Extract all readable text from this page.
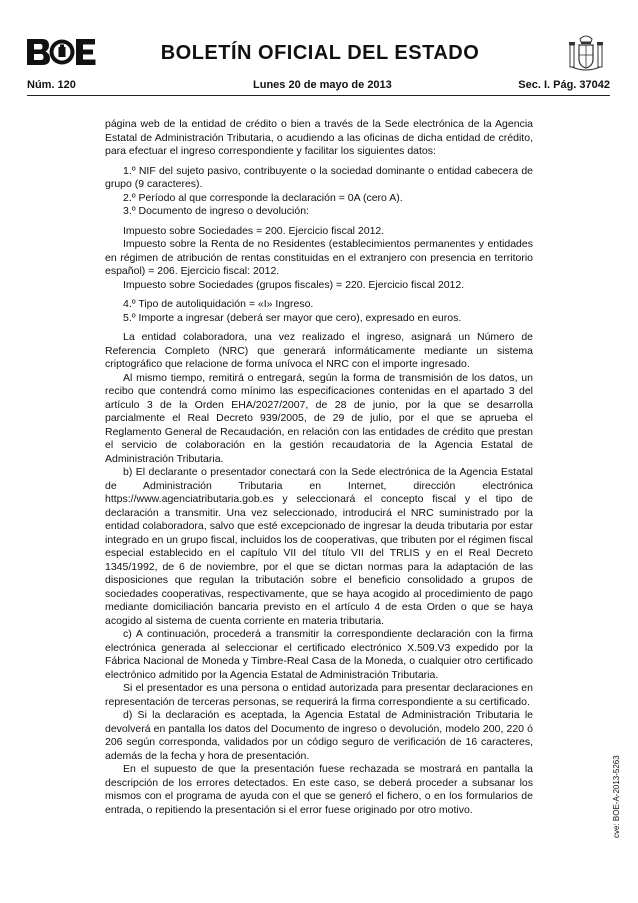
BOLETÍN OFICIAL DEL ESTADO
Núm. 120	Lunes 20 de mayo de 2013	Sec. I. Pág. 37042

página web de la entidad de crédito o bien a través de la Sede electrónica de la Agencia Estatal de Administración Tributaria, o acudiendo a las oficinas de dicha entidad de crédito, para efectuar el ingreso correspondiente y facilitar los siguientes datos:

1.º NIF del sujeto pasivo, contribuyente o la sociedad dominante o entidad cabecera de grupo (9 caracteres).

2.º Período al que corresponde la declaración = 0A (cero A).

3.º Documento de ingreso o devolución:

Impuesto sobre Sociedades = 200. Ejercicio fiscal 2012.

Impuesto sobre la Renta de no Residentes (establecimientos permanentes y entidades en régimen de atribución de rentas constituidas en el extranjero con presencia en territorio español) = 206. Ejercicio fiscal: 2012.

Impuesto sobre Sociedades (grupos fiscales) = 220. Ejercicio fiscal 2012.

4.º Tipo de autoliquidación = «I» Ingreso.

5.º Importe a ingresar (deberá ser mayor que cero), expresado en euros.

La entidad colaboradora, una vez realizado el ingreso, asignará un Número de Referencia Completo (NRC) que generará informáticamente mediante un sistema criptográfico que relacione de forma unívoca el NRC con el importe ingresado.

Al mismo tiempo, remitirá o entregará, según la forma de transmisión de los datos, un recibo que contendrá como mínimo las especificaciones contenidas en el apartado 3 del artículo 3 de la Orden EHA/2027/2007, de 28 de junio, por la que se desarrolla parcialmente el Real Decreto 939/2005, de 29 de julio, por el que se aprueba el Reglamento General de Recaudación, en relación con las entidades de crédito que prestan el servicio de colaboración en la gestión recaudatoria de la Agencia Estatal de Administración Tributaria.

b) El declarante o presentador conectará con la Sede electrónica de la Agencia Estatal de Administración Tributaria en Internet, dirección electrónica https://www.agenciatributaria.gob.es y seleccionará el concepto fiscal y el tipo de declaración a transmitir. Una vez seleccionado, introducirá el NRC suministrado por la entidad colaboradora, salvo que esté excepcionado de ingresar la deuda tributaria por estar integrado en un grupo fiscal, incluidos los de cooperativas, que tributen por el régimen fiscal especial establecido en el capítulo VII del título VII del TRLIS y en el Real Decreto 1345/1992, de 6 de noviembre, por el que se dictan normas para la adaptación de las disposiciones que regulan la tributación sobre el beneficio consolidado a grupos de sociedades cooperativas, respectivamente, que se haya acogido al procedimiento de pago mediante domiciliación bancaria previsto en el artículo 4 de esta Orden o que se haya acogido al sistema de cuenta corriente en materia tributaria.

c) A continuación, procederá a transmitir la correspondiente declaración con la firma electrónica generada al seleccionar el certificado electrónico X.509.V3 expedido por la Fábrica Nacional de Moneda y Timbre-Real Casa de la Moneda, o cualquier otro certificado electrónico admitido por la Agencia Estatal de Administración Tributaria.

Si el presentador es una persona o entidad autorizada para presentar declaraciones en representación de terceras personas, se requerirá la firma correspondiente a su certificado.

d) Si la declaración es aceptada, la Agencia Estatal de Administración Tributaria le devolverá en pantalla los datos del Documento de ingreso o devolución, modelo 200, 220 ó 206 según corresponda, validados por un código seguro de verificación de 16 caracteres, además de la fecha y hora de presentación.

En el supuesto de que la presentación fuese rechazada se mostrará en pantalla la descripción de los errores detectados. En este caso, se deberá proceder a subsanar los mismos con el programa de ayuda con el que se generó el fichero, o en los formularios de entrada, o repitiendo la presentación si el error fuese originado por otro motivo.	cve: BOE-A-2013-5263
